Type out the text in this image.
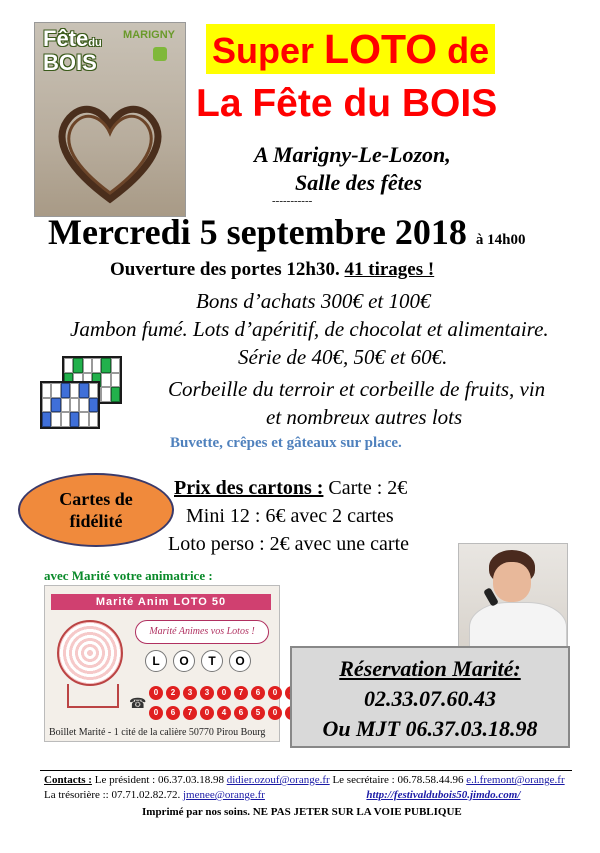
Fêtedu
BOIS
MARIGNY Super LOTO de
La Fête du BOIS
A Marigny-Le-Lozon,
Salle des fêtes
-----------
Mercredi 5 septembre 2018 à 14h00
Ouverture des portes 12h30. 41 tirages !
Bons d’achats 300€ et 100€
Jambon fumé. Lots d’apéritif, de chocolat et alimentaire.
Série de 40€, 50€ et 60€.
Corbeille du terroir et corbeille de fruits, vin
et nombreux autres lots
Buvette, crêpes et gâteaux sur place.
Cartes de
fidélité
Prix des cartons : Carte : 2€
Mini 12 : 6€ avec 2 cartes
Loto perso : 2€ avec une carte
avec Marité votre animatrice :
Marité Anim LOTO 50
Marité Animes vos Lotos !
L	O	T	O
☎
0	2	3	3	0	7	6	0
0	6	7	0	4	6	5	0
Boillet Marité - 1 cité de la calière 50770 Pirou Bourg
Réservation Marité:
02.33.07.60.43
Ou MJT 06.37.03.18.98
Contacts : Le président : 06.37.03.18.98 didier.ozouf@orange.fr Le secrétaire : 06.78.58.44.96 e.l.fremont@orange.fr
La trésorière :: 07.71.02.82.72. jmenee@orange.fr	http://festivaldubois50.jimdo.com/
Imprimé par nos soins. NE PAS JETER SUR LA VOIE PUBLIQUE
